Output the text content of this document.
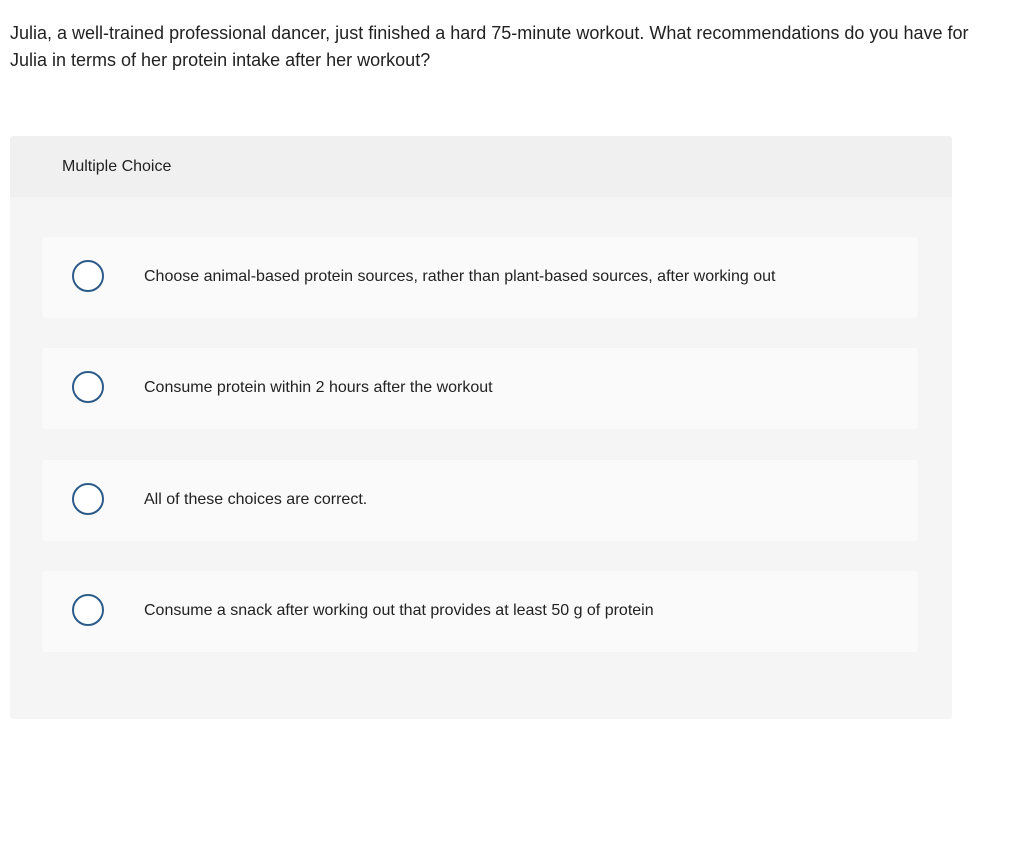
Julia, a well-trained professional dancer, just finished a hard 75-minute workout. What recommendations do you have for Julia in terms of her protein intake after her workout?
Multiple Choice
Choose animal-based protein sources, rather than plant-based sources, after working out
Consume protein within 2 hours after the workout
All of these choices are correct.
Consume a snack after working out that provides at least 50 g of protein
